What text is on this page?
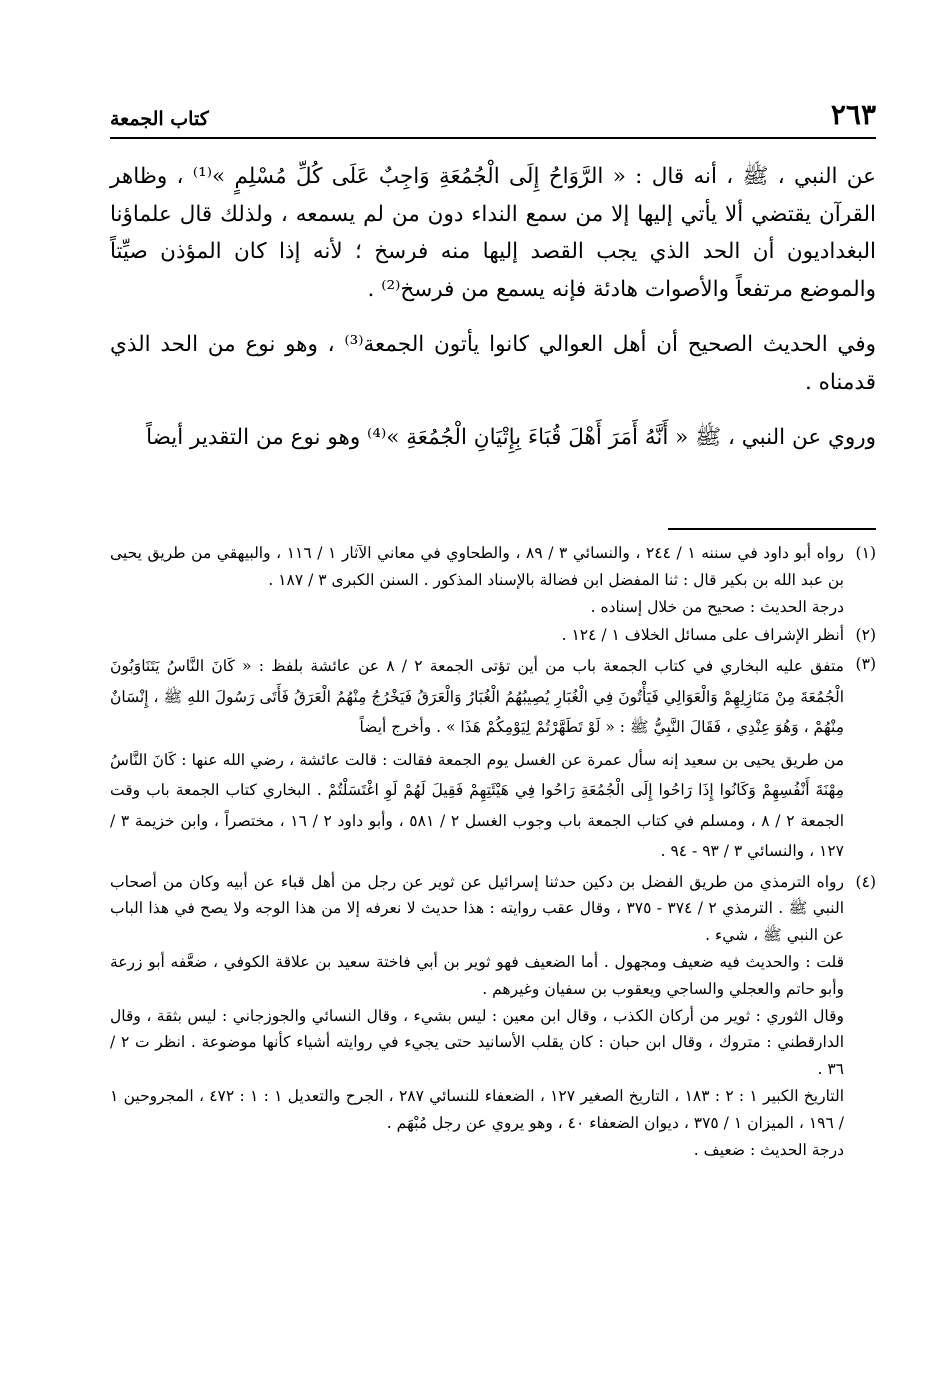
٢٦٣
كتاب الجمعة

عن النبي ، ﷺ ، أنه قال : « الرَّوَاحُ إِلَى الْجُمُعَةِ وَاجِبٌ عَلَى كُلِّ مُسْلِمٍ »⁽¹⁾ ، وظاهر القرآن يقتضي ألا يأتي إليها إلا من سمع النداء دون من لم يسمعه ، ولذلك قال علماؤنا البغداديون أن الحد الذي يجب القصد إليها منه فرسخ ؛ لأنه إذا كان المؤذن صيِّتاً والموضع مرتفعاً والأصوات هادئة فإنه يسمع من فرسخ⁽²⁾ .

وفي الحديث الصحيح أن أهل العوالي كانوا يأتون الجمعة⁽³⁾ ، وهو نوع من الحد الذي قدمناه .

وروي عن النبي ، ﷺ « أَنَّهُ أَمَرَ أَهْلَ قُبَاءَ بِإِتْيَانِ الْجُمُعَةِ »⁽⁴⁾ وهو نوع من التقدير أيضاً

(١)

رواه أبو داود في سننه ١ / ٢٤٤ ، والنسائي ٣ / ٨٩ ، والطحاوي في معاني الآثار ١ / ١١٦ ، والبيهقي من طريق يحيى بن عبد الله بن بكير قال : ثنا المفضل ابن فضالة بالإسناد المذكور . السنن الكبرى ٣ / ١٨٧ .

درجة الحديث : صحيح من خلال إسناده .

(٢)

أنظر الإشراف على مسائل الخلاف ١ / ١٢٤ .

(٣)

متفق عليه البخاري في كتاب الجمعة باب من أين تؤتى الجمعة ٢ / ٨ عن عائشة بلفظ : « كَانَ النَّاسُ يَتَنَاوَبُونَ الْجُمُعَةَ مِنْ مَنَازِلِهِمْ وَالْعَوَالِي فَيَأْتُونَ فِي الْغُبَارِ يُصِيبُهُمُ الْغُبَارُ وَالْعَرَقُ فَيَخْرُجُ مِنْهُمُ الْعَرَقُ فَأَتَى رَسُولَ اللهِ ﷺ ، إِنْسَانٌ مِنْهُمْ ، وَهُوَ عِنْدِي ، فَقَالَ النَّبِيُّ ﷺ : « لَوْ تَطَهَّرْتُمْ لِيَوْمِكُمْ هَذَا » . وأخرج أيضاً

من طريق يحيى بن سعيد إنه سأل عمرة عن الغسل يوم الجمعة فقالت : قالت عائشة ، رضي الله عنها : كَانَ النَّاسُ مِهْنَةَ أَنْفُسِهِمْ وَكَانُوا إِذَا رَاحُوا إِلَى الْجُمُعَةِ رَاحُوا فِي هَيْئَتِهِمْ فَقِيلَ لَهُمْ لَوِ اغْتَسَلْتُمْ . البخاري كتاب الجمعة باب وقت الجمعة ٢ / ٨ ، ومسلم في كتاب الجمعة باب وجوب الغسل ٢ / ٥٨١ ، وأبو داود ٢ / ١٦ ، مختصراً ، وابن خزيمة ٣ / ١٢٧ ، والنسائي ٣ / ٩٣ - ٩٤ .

(٤)

رواه الترمذي من طريق الفضل بن دكين حدثنا إسرائيل عن ثوير عن رجل من أهل قباء عن أبيه وكان من أصحاب النبي ﷺ . الترمذي ٢ / ٣٧٤ - ٣٧٥ ، وقال عقب روايته : هذا حديث لا نعرفه إلا من هذا الوجه ولا يصح في هذا الباب عن النبي ﷺ ، شيء .

قلت : والحديث فيه ضعيف ومجهول . أما الضعيف فهو ثوير بن أبي فاختة سعيد بن علاقة الكوفي ، ضعَّفه أبو زرعة وأبو حاتم والعجلي والساجي ويعقوب بن سفيان وغيرهم .

وقال الثوري : ثوير من أركان الكذب ، وقال ابن معين : ليس بشيء ، وقال النسائي والجوزجاني : ليس بثقة ، وقال الدارقطني : متروك ، وقال ابن حبان : كان يقلب الأسانيد حتى يجيء في روايته أشياء كأنها موضوعة . انظر ت ٢ / ٣٦ .

التاريخ الكبير ١ : ٢ : ١٨٣ ، التاريخ الصغير ١٢٧ ، الضعفاء للنسائي ٢٨٧ ، الجرح والتعديل ١ : ١ : ٤٧٢ ، المجروحين ١ / ١٩٦ ، الميزان ١ / ٣٧٥ ، ديوان الضعفاء ٤٠ ، وهو يروي عن رجل مُبْهَم .

درجة الحديث : ضعيف .
